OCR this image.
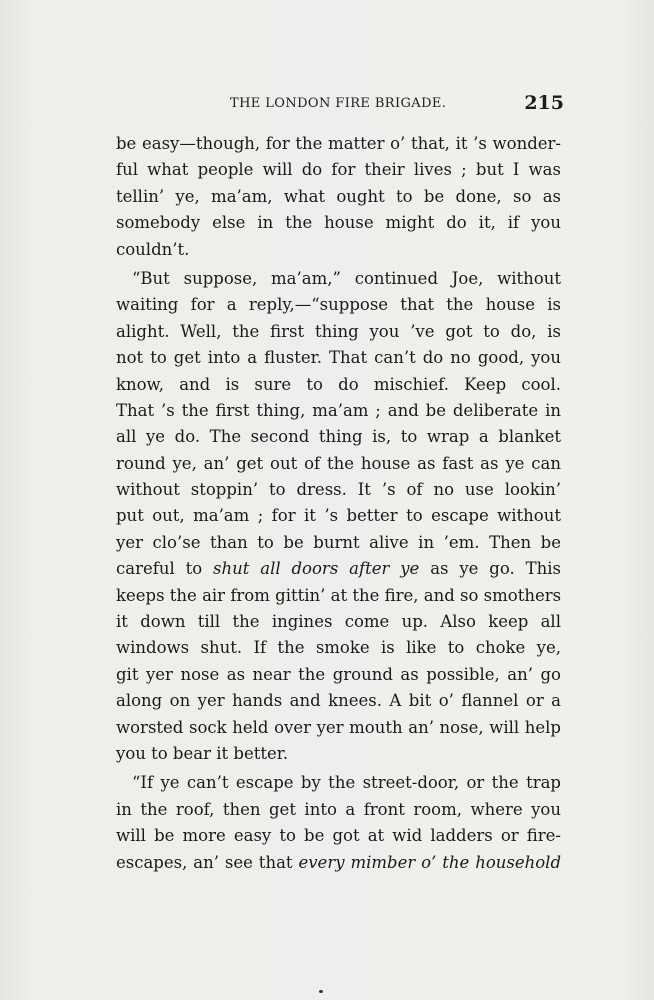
THE LONDON FIRE BRIGADE.	215
be easy—though, for the matter o’ that, it ’s wonder-
ful what people will do for their lives ; but I was
tellin’ ye, ma’am, what ought to be done, so as
somebody else in the house might do it, if you
couldn’t.
“But suppose, ma’am,” continued Joe, without
waiting for a reply,—“suppose that the house is
alight. Well, the first thing you ’ve got to do, is
not to get into a fluster. That can’t do no good, you
know, and is sure to do mischief. Keep cool.
That ’s the first thing, ma’am ; and be deliberate in
all ye do. The second thing is, to wrap a blanket
round ye, an’ get out of the house as fast as ye can
without stoppin’ to dress. It ’s of no use lookin’
put out, ma’am ; for it ’s better to escape without
yer clo’se than to be burnt alive in ’em. Then be
careful to shut all doors after ye as ye go. This
keeps the air from gittin’ at the fire, and so smothers
it down till the ingines come up. Also keep all
windows shut. If the smoke is like to choke ye,
git yer nose as near the ground as possible, an’ go
along on yer hands and knees. A bit o’ flannel or a
worsted sock held over yer mouth an’ nose, will help
you to bear it better.
“If ye can’t escape by the street-door, or the trap
in the roof, then get into a front room, where you
will be more easy to be got at wid ladders or fire-
escapes, an’ see that every mimber o’ the household
